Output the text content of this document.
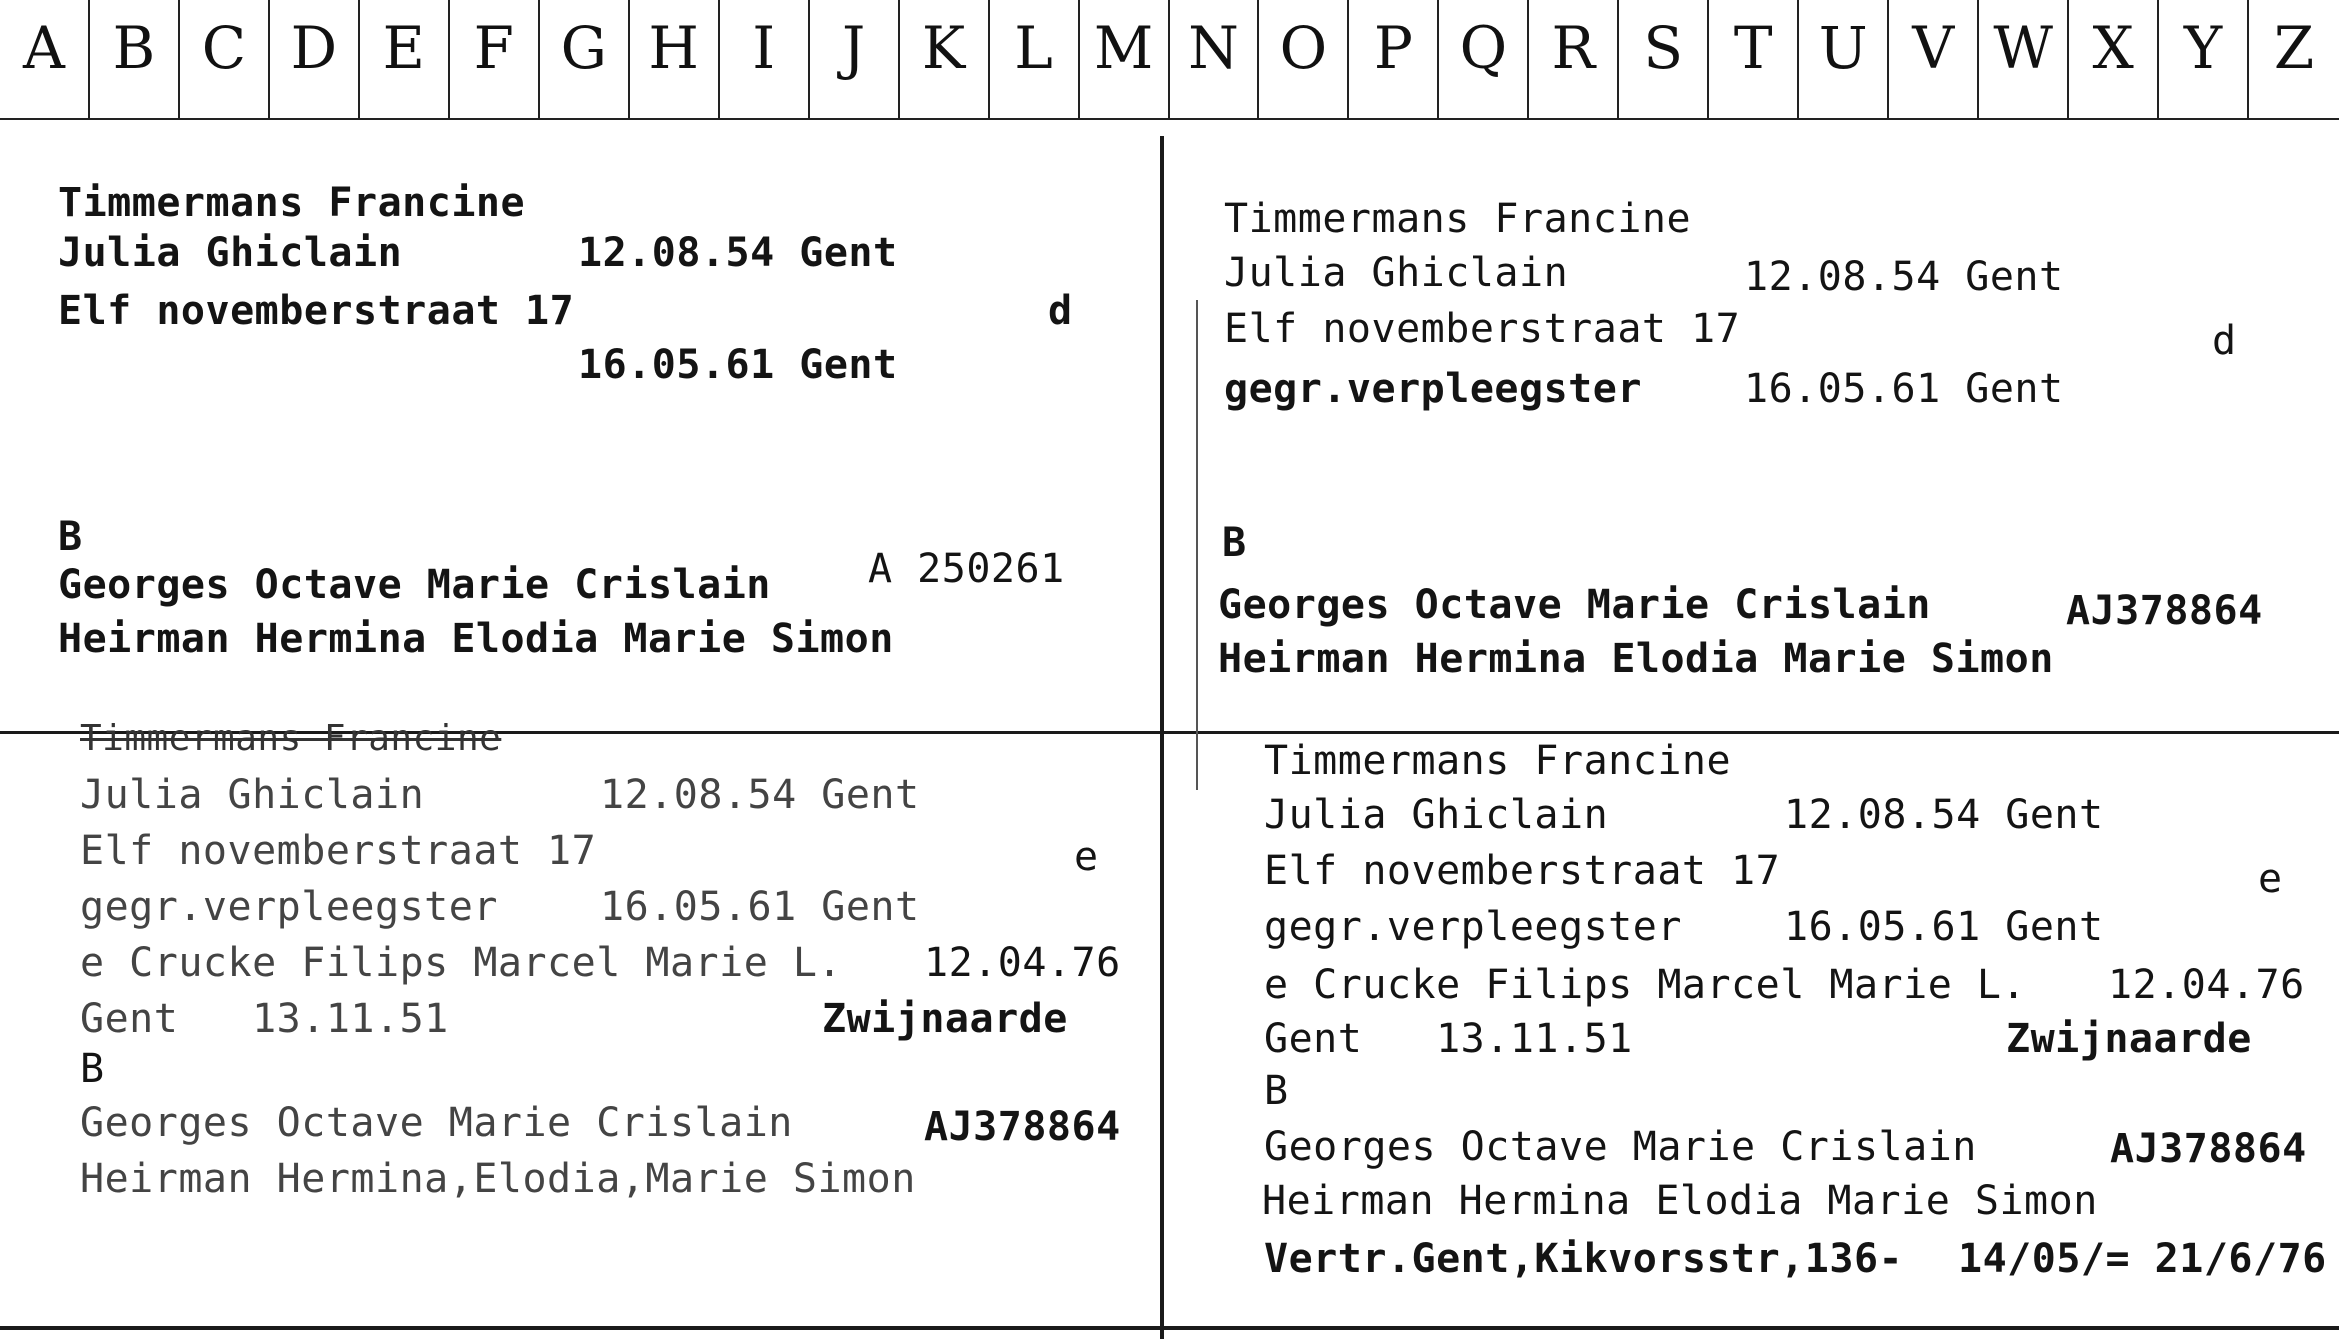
A B C D E F G H I	J K L M N O P Q R S T U V W X Y Z
Timmermans Francine
Julia Ghiclain	12.08.54 Gent
Elf novemberstraat 17	d
16.05.61 Gent
B
Georges Octave Marie Crislain A 250261
Heirman Hermina Elodia Marie Simon
Timmermans Francine
Julia Ghiclain	12.08.54 Gent
Elf novemberstraat 17	d
gegr.verpleegster	16.05.61 Gent
B
Georges Octave Marie Crislain	AJ378864
Heirman Hermina Elodia Marie Simon
Timmermans Francine
Julia Ghiclain	12.08.54 Gent
Elf novemberstraat 17	e
gegr.verpleegster	16.05.61 Gent
e Crucke Filips Marcel Marie L. 12.04.76
Gent   13.11.51	Zwijnaarde
B
Georges Octave Marie Crislain	AJ378864
Heirman Hermina,Elodia,Marie Simon
Timmermans Francine
Julia Ghiclain	12.08.54 Gent
Elf novemberstraat 17	e
gegr.verpleegster	16.05.61 Gent
e Crucke Filips Marcel Marie L. 12.04.76
Gent   13.11.51	Zwijnaarde
B
Georges Octave Marie Crislain	AJ378864
Heirman Hermina Elodia Marie Simon
Vertr.Gent,Kikvorsstr,136- 14/05/= 21/6/76
